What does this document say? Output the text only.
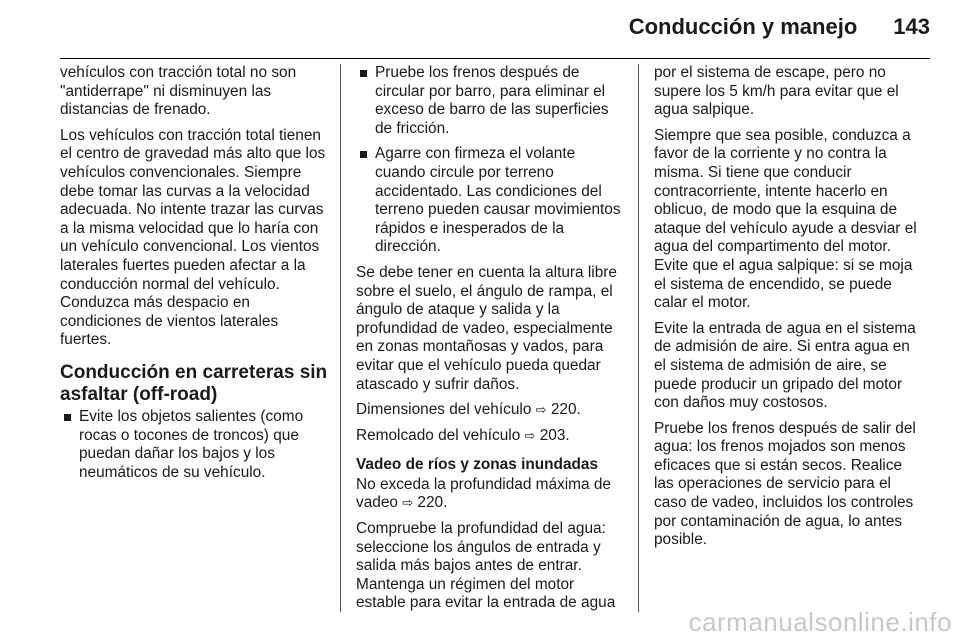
Conducción y manejo 143

vehículos con tracción total no son "antiderrape" ni disminuyen las distancias de frenado.

Los vehículos con tracción total tienen el centro de gravedad más alto que los vehículos convencionales. Siempre debe tomar las curvas a la velocidad adecuada. No intente trazar las curvas a la misma velocidad que lo haría con un vehículo convencional. Los vientos laterales fuertes pueden afectar a la conducción normal del vehículo. Conduzca más despacio en condiciones de vientos laterales fuertes.

Conducción en carreteras sin asfaltar (off-road)
Evite los objetos salientes (como rocas o tocones de troncos) que puedan dañar los bajos y los neumáticos de su vehículo.
Pruebe los frenos después de circular por barro, para eliminar el exceso de barro de las superficies de fricción.
Agarre con firmeza el volante cuando circule por terreno accidentado. Las condiciones del terreno pueden causar movimientos rápidos e inesperados de la dirección.

Se debe tener en cuenta la altura libre sobre el suelo, el ángulo de rampa, el ángulo de ataque y salida y la profundidad de vadeo, especialmente en zonas montañosas y vados, para evitar que el vehículo pueda quedar atascado y sufrir daños.

Dimensiones del vehículo ⇨ 220.

Remolcado del vehículo ⇨ 203.

Vadeo de ríos y zonas inundadas

No exceda la profundidad máxima de vadeo ⇨ 220.

Compruebe la profundidad del agua: seleccione los ángulos de entrada y salida más bajos antes de entrar. Mantenga un régimen del motor estable para evitar la entrada de agua

por el sistema de escape, pero no supere los 5 km/h para evitar que el agua salpique.

Siempre que sea posible, conduzca a favor de la corriente y no contra la misma. Si tiene que conducir contracorriente, intente hacerlo en oblicuo, de modo que la esquina de ataque del vehículo ayude a desviar el agua del compartimento del motor. Evite que el agua salpique: si se moja el sistema de encendido, se puede calar el motor.

Evite la entrada de agua en el sistema de admisión de aire. Si entra agua en el sistema de admisión de aire, se puede producir un gripado del motor con daños muy costosos.

Pruebe los frenos después de salir del agua: los frenos mojados son menos eficaces que si están secos. Realice las operaciones de servicio para el caso de vadeo, incluidos los controles por contaminación de agua, lo antes posible.

carmanualsonline.info
